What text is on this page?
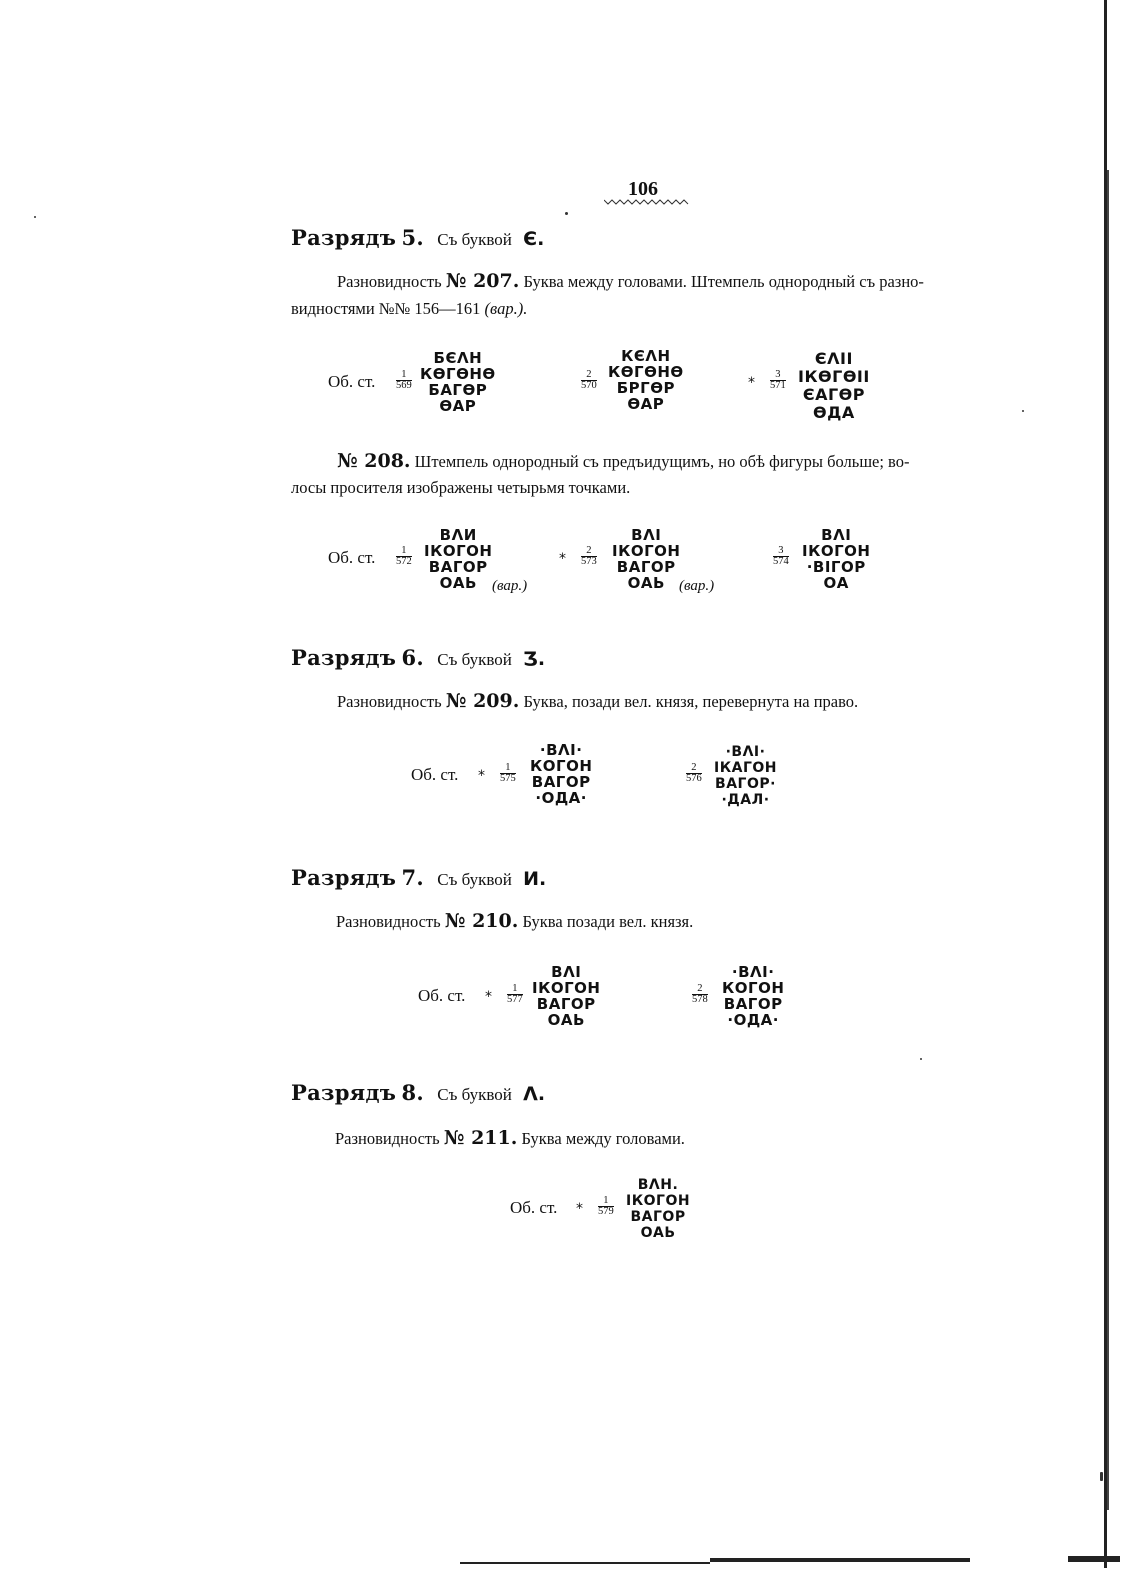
106
Разрядъ 5. Съ буквой Є.
Разновидность № 207. Буква между головами. Штемпель однородный съ разно-
видностями №№ 156—161 (вар.).
Об. ст. $\frac{1}{569}$
БЄΛН
КѲГѲНѲ
БАГѲР
ѲАР
$\frac{2}{570}$
КЄΛН
КѲГѲНѲ
БРГѲР
ѲАР
* $\frac{3}{571}$
ЄΛІІ
ІКѲГѲІІ
ЄАГѲР
ѲДА
№ 208. Штемпель однородный съ предъидущимъ, но обѣ фигуры больше; во-
лосы просителя изображены четырьмя точками.
Об. ст. $\frac{1}{572}$
ВΛИ
ІКОГОН
ВАГОР
ОАЬ	(вар.)
* $\frac{2}{573}$
ВΛІ
ІКОГОН
ВАГОР
ОАЬ (вар.)
$\frac{3}{574}$
ВΛІ
ІКОГОН
·ВІГОР
ОА
Разрядъ 6. Съ буквой Ʒ.
Разновидность № 209. Буква, позади вел. князя, перевернута на право.
Об. ст. * $\frac{1}{575}$
·ВΛІ·
КОГОН
ВАГОР
·ОДА·
$\frac{2}{576}$
·ВΛІ·
ІКАГОН
ВАГОР·
·ДАЛ·
Разрядъ 7. Съ буквой И.
Разновидность № 210. Буква позади вел. князя.
Об. ст. * $\frac{1}{577}$
ВΛІ
ІКОГОН
ВАГОР
ОАЬ
$\frac{2}{578}$
·ВΛІ·
КОГОН
ВАГОР
·ОДА·
Разрядъ 8. Съ буквой Λ.
Разновидность № 211. Буква между головами.
Об. ст. * $\frac{1}{579}$
ВΛН.
ІКОГОН
ВАГОР
ОАЬ
